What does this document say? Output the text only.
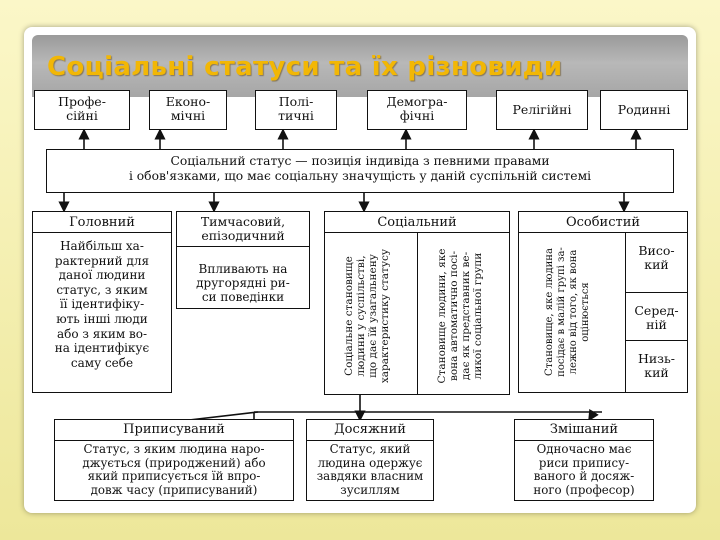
Соціальні статуси та їх різновиди
Профе-
сійні
Еконо-
мічні
Полі-
тичні
Демогра-
фічні	Релігійні	Родинні
Соціальний статус — позиція індивіда з певними правами
і обов'язками, що має соціальну значущість у даній суспільній системі
Головний
Найбільш ха-
рактерний для
даної людини
статус, з яким
її ідентифіку-
ють інші люди
або з яким во-
на ідентифікує
саму себе
Тимчасовий,
епізодичний
Впливають на
другорядні ри-
си поведінки
Соціальний
Соціальне становище
людини у суспільстві,
що дає їй узагальнену
характеристику статусу
Становище людини, яке
вона автоматично посі-
дає як представник ве-
ликої соціальної групи
Особистий
Становище, яке людина
посідає в малій групі за-
лежно від того, як вона
оцінюється
Висо-
кий
Серед-
ній
Низь-
кий
Приписуваний
Статус, з яким людина наро-
джується (природжений) або
який приписується їй впро-
довж часу (приписуваний)
Досяжний
Статус, який
людина одержує
завдяки власним
зусиллям
Змішаний
Одночасно має
риси припису-
ваного й досяж-
ного (професор)
